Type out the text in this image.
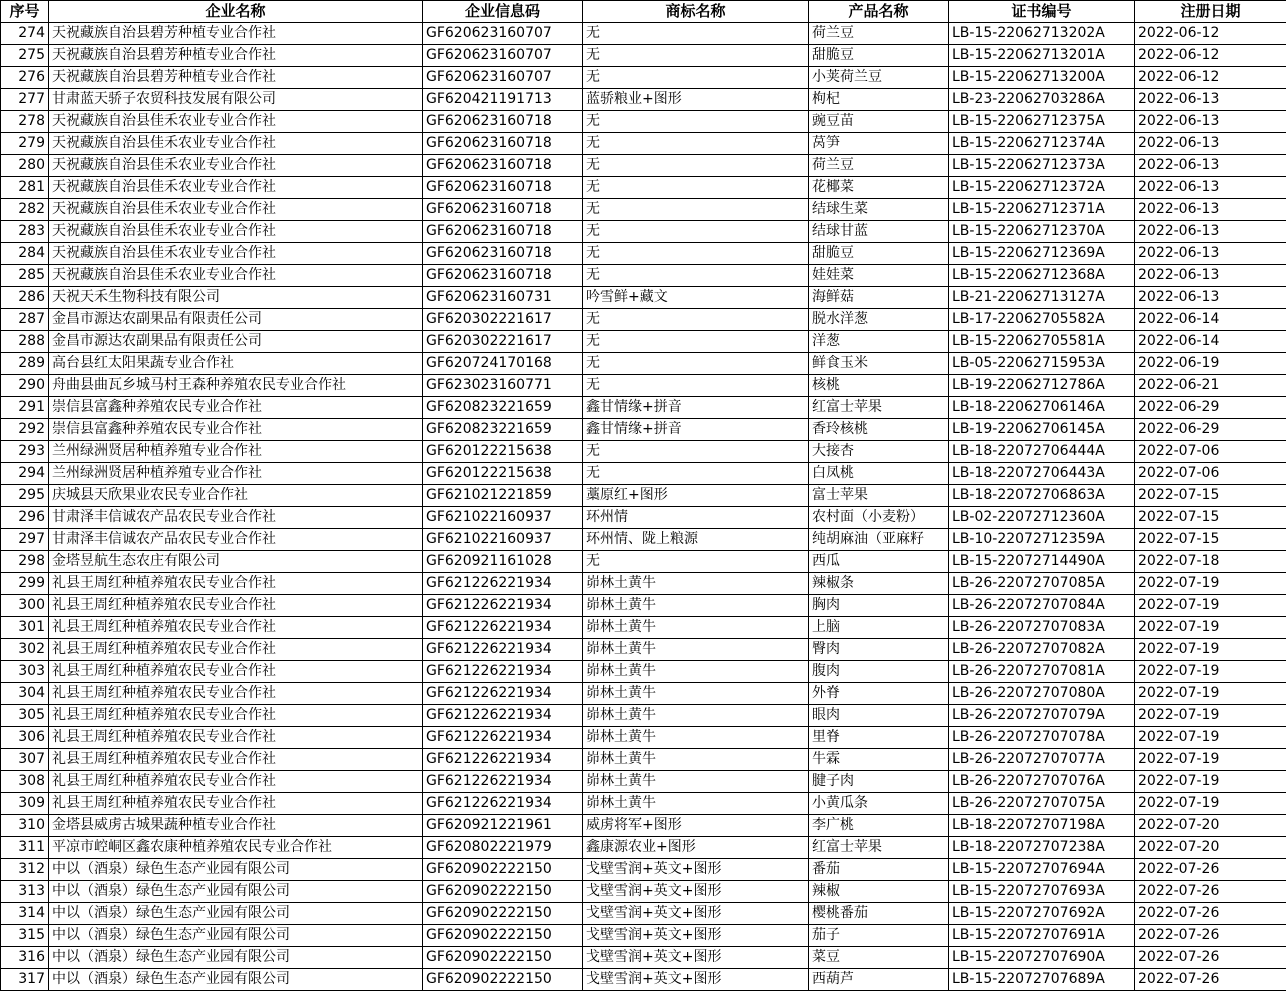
序号	企业名称	企业信息码	商标名称	产品名称	证书编号	注册日期
274	天祝藏族自治县碧芳种植专业合作社	GF620623160707	无	荷兰豆	LB-15-22062713202A	2022-06-12
275	天祝藏族自治县碧芳种植专业合作社	GF620623160707	无	甜脆豆	LB-15-22062713201A	2022-06-12
276	天祝藏族自治县碧芳种植专业合作社	GF620623160707	无	小荚荷兰豆	LB-15-22062713200A	2022-06-12
277	甘肃蓝天骄子农贸科技发展有限公司	GF620421191713	蓝骄粮业+图形	枸杞	LB-23-22062703286A	2022-06-13
278	天祝藏族自治县佳禾农业专业合作社	GF620623160718	无	豌豆苗	LB-15-22062712375A	2022-06-13
279	天祝藏族自治县佳禾农业专业合作社	GF620623160718	无	莴笋	LB-15-22062712374A	2022-06-13
280	天祝藏族自治县佳禾农业专业合作社	GF620623160718	无	荷兰豆	LB-15-22062712373A	2022-06-13
281	天祝藏族自治县佳禾农业专业合作社	GF620623160718	无	花椰菜	LB-15-22062712372A	2022-06-13
282	天祝藏族自治县佳禾农业专业合作社	GF620623160718	无	结球生菜	LB-15-22062712371A	2022-06-13
283	天祝藏族自治县佳禾农业专业合作社	GF620623160718	无	结球甘蓝	LB-15-22062712370A	2022-06-13
284	天祝藏族自治县佳禾农业专业合作社	GF620623160718	无	甜脆豆	LB-15-22062712369A	2022-06-13
285	天祝藏族自治县佳禾农业专业合作社	GF620623160718	无	娃娃菜	LB-15-22062712368A	2022-06-13
286	天祝天禾生物科技有限公司	GF620623160731	吟雪鲜+藏文	海鲜菇	LB-21-22062713127A	2022-06-13
287	金昌市源达农副果品有限责任公司	GF620302221617	无	脱水洋葱	LB-17-22062705582A	2022-06-14
288	金昌市源达农副果品有限责任公司	GF620302221617	无	洋葱	LB-15-22062705581A	2022-06-14
289	高台县红太阳果蔬专业合作社	GF620724170168	无	鲜食玉米	LB-05-22062715953A	2022-06-19
290	舟曲县曲瓦乡城马村王森种养殖农民专业合作社	GF623023160771	无	核桃	LB-19-22062712786A	2022-06-21
291	崇信县富鑫种养殖农民专业合作社	GF620823221659	鑫甘情缘+拼音	红富士苹果	LB-18-22062706146A	2022-06-29
292	崇信县富鑫种养殖农民专业合作社	GF620823221659	鑫甘情缘+拼音	香玲核桃	LB-19-22062706145A	2022-06-29
293	兰州绿洲贤居种植养殖专业合作社	GF620122215638	无	大接杏	LB-18-22072706444A	2022-07-06
294	兰州绿洲贤居种植养殖专业合作社	GF620122215638	无	白凤桃	LB-18-22072706443A	2022-07-06
295	庆城县天欣果业农民专业合作社	GF621021221859	藁原红+图形	富士苹果	LB-18-22072706863A	2022-07-15
296	甘肃泽丰信诚农产品农民专业合作社	GF621022160937	环州情	农村面（小麦粉）	LB-02-22072712360A	2022-07-15
297	甘肃泽丰信诚农产品农民专业合作社	GF621022160937	环州情、陇上粮源	纯胡麻油（亚麻籽	LB-10-22072712359A	2022-07-15
298	金塔昱航生态农庄有限公司	GF620921161028	无	西瓜	LB-15-22072714490A	2022-07-18
299	礼县王周红种植养殖农民专业合作社	GF621226221934	峁林土黄牛	辣椒条	LB-26-22072707085A	2022-07-19
300	礼县王周红种植养殖农民专业合作社	GF621226221934	峁林土黄牛	胸肉	LB-26-22072707084A	2022-07-19
301	礼县王周红种植养殖农民专业合作社	GF621226221934	峁林土黄牛	上脑	LB-26-22072707083A	2022-07-19
302	礼县王周红种植养殖农民专业合作社	GF621226221934	峁林土黄牛	臀肉	LB-26-22072707082A	2022-07-19
303	礼县王周红种植养殖农民专业合作社	GF621226221934	峁林土黄牛	腹肉	LB-26-22072707081A	2022-07-19
304	礼县王周红种植养殖农民专业合作社	GF621226221934	峁林土黄牛	外脊	LB-26-22072707080A	2022-07-19
305	礼县王周红种植养殖农民专业合作社	GF621226221934	峁林土黄牛	眼肉	LB-26-22072707079A	2022-07-19
306	礼县王周红种植养殖农民专业合作社	GF621226221934	峁林土黄牛	里脊	LB-26-22072707078A	2022-07-19
307	礼县王周红种植养殖农民专业合作社	GF621226221934	峁林土黄牛	牛霖	LB-26-22072707077A	2022-07-19
308	礼县王周红种植养殖农民专业合作社	GF621226221934	峁林土黄牛	腱子肉	LB-26-22072707076A	2022-07-19
309	礼县王周红种植养殖农民专业合作社	GF621226221934	峁林土黄牛	小黄瓜条	LB-26-22072707075A	2022-07-19
310	金塔县威虏古城果蔬种植专业合作社	GF620921221961	威虏将军+图形	李广桃	LB-18-22072707198A	2022-07-20
311	平凉市崆峒区鑫农康种植养殖农民专业合作社	GF620802221979	鑫康源农业+图形	红富士苹果	LB-18-22072707238A	2022-07-20
312	中以（酒泉）绿色生态产业园有限公司	GF620902222150	戈壁雪润+英文+图形	番茄	LB-15-22072707694A	2022-07-26
313	中以（酒泉）绿色生态产业园有限公司	GF620902222150	戈壁雪润+英文+图形	辣椒	LB-15-22072707693A	2022-07-26
314	中以（酒泉）绿色生态产业园有限公司	GF620902222150	戈壁雪润+英文+图形	樱桃番茄	LB-15-22072707692A	2022-07-26
315	中以（酒泉）绿色生态产业园有限公司	GF620902222150	戈壁雪润+英文+图形	茄子	LB-15-22072707691A	2022-07-26
316	中以（酒泉）绿色生态产业园有限公司	GF620902222150	戈壁雪润+英文+图形	菜豆	LB-15-22072707690A	2022-07-26
317	中以（酒泉）绿色生态产业园有限公司	GF620902222150	戈壁雪润+英文+图形	西葫芦	LB-15-22072707689A	2022-07-26
